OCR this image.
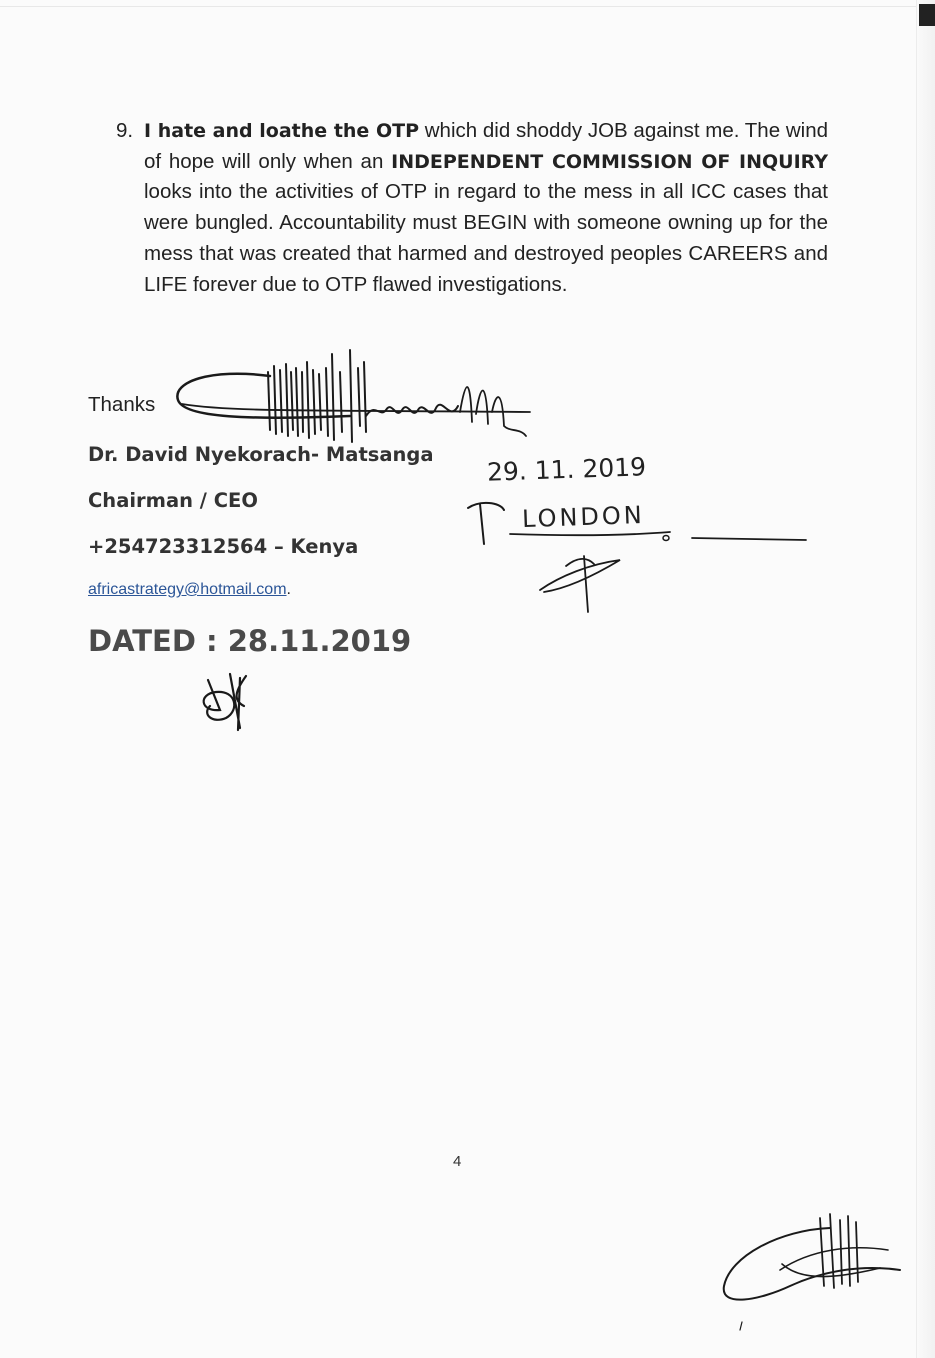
9. I hate and loathe the OTP which did shoddy JOB against me. The wind of hope will only when an INDEPENDENT COMMISSION OF INQUIRY looks into the activities of OTP in regard to the mess in all ICC cases that were bungled. Accountability must BEGIN with someone owning up for the mess that was created that harmed and destroyed peoples CAREERS and LIFE forever due to OTP flawed investigations.
Thanks
Dr. David Nyekorach- Matsanga
Chairman / CEO
+254723312564 – Kenya
africastrategy@hotmail.com.
DATED : 28.11.2019
29. 11. 2019
LONDON
4
